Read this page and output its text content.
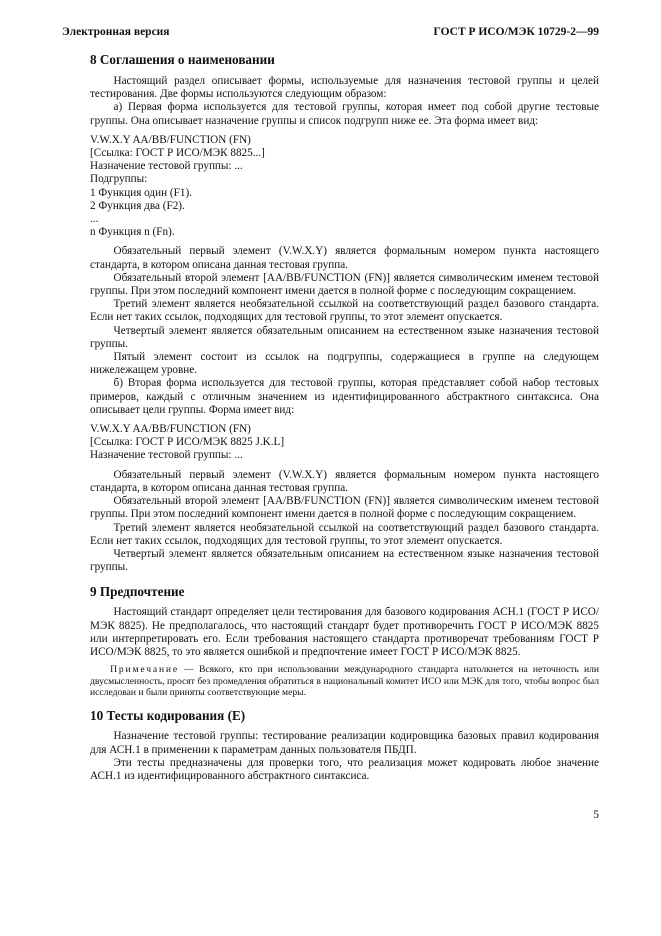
Электронная версия	ГОСТ Р ИСО/МЭК 10729-2—99
8 Соглашения о наименовании

Настоящий раздел описывает формы, используемые для назначения тестовой группы и целей тестирования. Две формы используются следующим образом:

а) Первая форма используется для тестовой группы, которая имеет под собой другие тестовые группы. Она описывает назначение группы и список подгрупп ниже ее. Эта форма имеет вид:

V.W.X.Y AA/BB/FUNCTION (FN)

[Ссылка: ГОСТ Р ИСО/МЭК 8825...]

Назначение тестовой группы: ...

Подгруппы:

1 Функция один (F1).

2 Функция два (F2).

...

n Функция n (Fn).

Обязательный первый элемент (V.W.X.Y) является формальным номером пункта настоящего стандарта, в котором описана данная тестовая группа.

Обязательный второй элемент [AA/BB/FUNCTION (FN)] является символическим именем тестовой группы. При этом последний компонент имени дается в полной форме с последующим сокращением.

Третий элемент является необязательной ссылкой на соответствующий раздел базового стандарта. Если нет таких ссылок, подходящих для тестовой группы, то этот элемент опускается.

Четвертый элемент является обязательным описанием на естественном языке назначения тестовой группы.

Пятый элемент состоит из ссылок на подгруппы, содержащиеся в группе на следующем нижележащем уровне.

б) Вторая форма используется для тестовой группы, которая представляет собой набор тестовых примеров, каждый с отличным значением из идентифицированного абстрактного синтаксиса. Она описывает цели группы. Форма имеет вид:

V.W.X.Y AA/BB/FUNCTION (FN)

[Ссылка: ГОСТ Р ИСО/МЭК 8825 J.K.L]

Назначение тестовой группы: ...

Обязательный первый элемент (V.W.X.Y) является формальным номером пункта настоящего стандарта, в котором описана данная тестовая группа.

Обязательный второй элемент [AA/BB/FUNCTION (FN)] является символическим именем тестовой группы. При этом последний компонент имени дается в полной форме с последующим сокращением.

Третий элемент является необязательной ссылкой на соответствующий раздел базового стандарта. Если нет таких ссылок, подходящих для тестовой группы, то этот элемент опускается.

Четвертый элемент является обязательным описанием на естественном языке назначения тестовой группы.

9 Предпочтение

Настоящий стандарт определяет цели тестирования для базового кодирования АСН.1 (ГОСТ Р ИСО/МЭК 8825). Не предполагалось, что настоящий стандарт будет противоречить ГОСТ Р ИСО/МЭК 8825 или интерпретировать его. Если требования настоящего стандарта противоречат требованиям ГОСТ Р ИСО/МЭК 8825, то это является ошибкой и предпочтение имеет ГОСТ Р ИСО/МЭК 8825.

Примечание — Всякого, кто при использовании международного стандарта натолкнется на неточность или двусмысленность, просят без промедления обратиться в национальный комитет ИСО или МЭК для того, чтобы вопрос был исследован и были приняты соответствующие меры.

10 Тесты кодирования (E)

Назначение тестовой группы: тестирование реализации кодировщика базовых правил кодирования для АСН.1 в применении к параметрам данных пользователя ПБДП.

Эти тесты предназначены для проверки того, что реализация может кодировать любое значение АСН.1 из идентифицированного абстрактного синтаксиса.

5
